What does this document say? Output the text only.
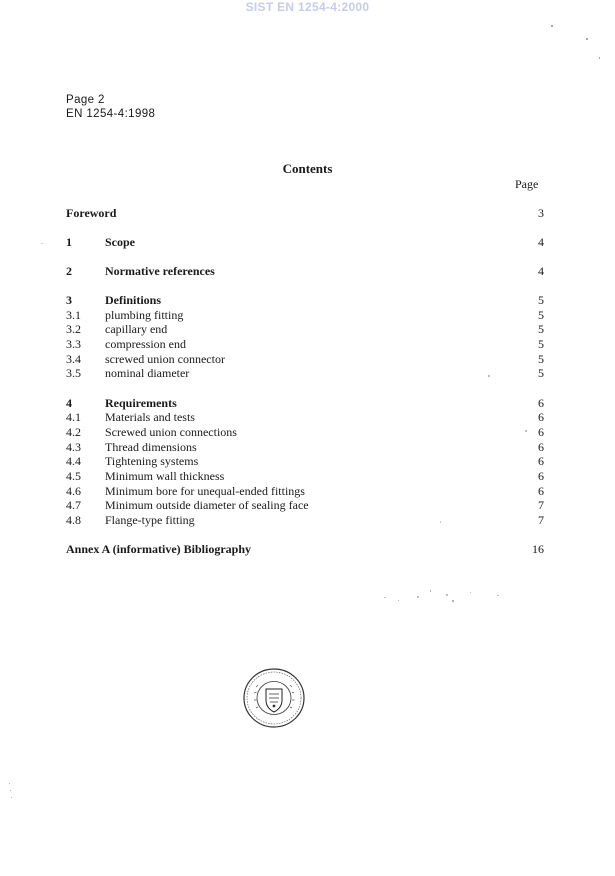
SIST EN 1254-4:2000
Page 2
EN 1254-4:1998
Contents
Page
Foreword	3
1	Scope	4
2	Normative references	4
3	Definitions	5
3.1 plumbing fitting	5
3.2 capillary end	5
3.3 compression end	5
3.4 screwed union connector	5
3.5 nominal diameter	5
4	Requirements	6
4.1 Materials and tests	6
4.2 Screwed union connections	6
4.3 Thread dimensions	6
4.4 Tightening systems	6
4.5 Minimum wall thickness	6
4.6 Minimum bore for unequal-ended fittings	6
4.7 Minimum outside diameter of sealing face	7
4.8 Flange-type fitting	7
Annex A (informative) Bibliography	16
